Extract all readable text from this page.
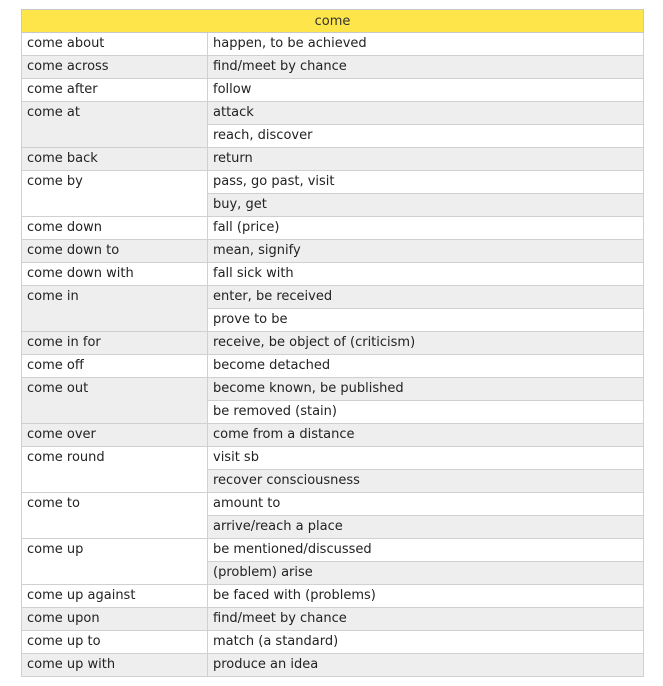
come	
come about	happen, to be achieved
come across	find/meet by chance
come after	follow
come at	attack
	reach, discover
come back	return
come by	pass, go past, visit
	buy, get
come down	fall (price)
come down to	mean, signify
come down with	fall sick with
come in	enter, be received
	prove to be
come in for	receive, be object of (criticism)
come off	become detached
come out	become known, be published
	be removed (stain)
come over	come from a distance
come round	visit sb
	recover consciousness
come to	amount to
	arrive/reach a place
come up	be mentioned/discussed
	(problem) arise
come up against	be faced with (problems)
come upon	find/meet by chance
come up to	match (a standard)
come up with	produce an idea
